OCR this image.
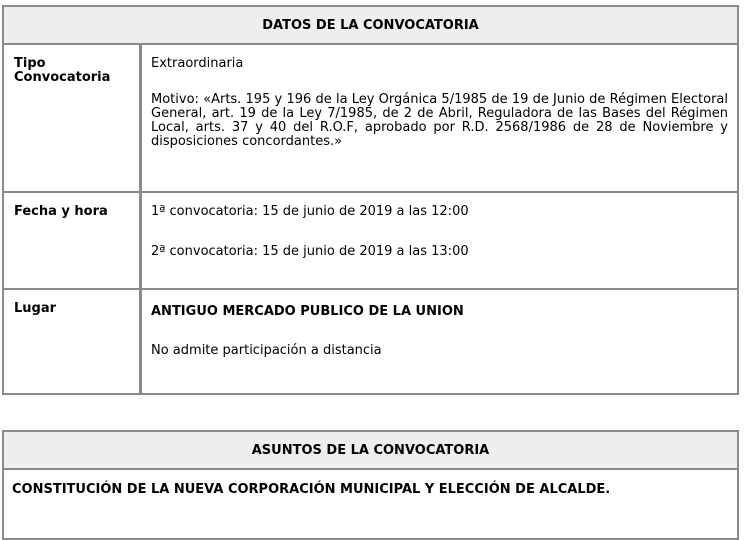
DATOS DE LA CONVOCATORIA
Tipo
Convocatoria

Extraordinaria

Motivo: «Arts. 195 y 196 de la Ley Orgánica 5/1985 de 19 de Junio de Régimen Electoral General, art. 19 de la Ley 7/1985, de 2 de Abril, Reguladora de las Bases del Régimen Local, arts. 37 y 40 del R.O.F, aprobado por R.D. 2568/1986 de 28 de Noviembre y disposiciones concordantes.»

Fecha y hora	1ª convocatoria: 15 de junio de 2019 a las 12:00

2ª convocatoria: 15 de junio de 2019 a las 13:00

Lugar	ANTIGUO MERCADO PUBLICO DE LA UNION

No admite participación a distancia

ASUNTOS DE LA CONVOCATORIA
CONSTITUCIÓN DE LA NUEVA CORPORACIÓN MUNICIPAL Y ELECCIÓN DE ALCALDE.
